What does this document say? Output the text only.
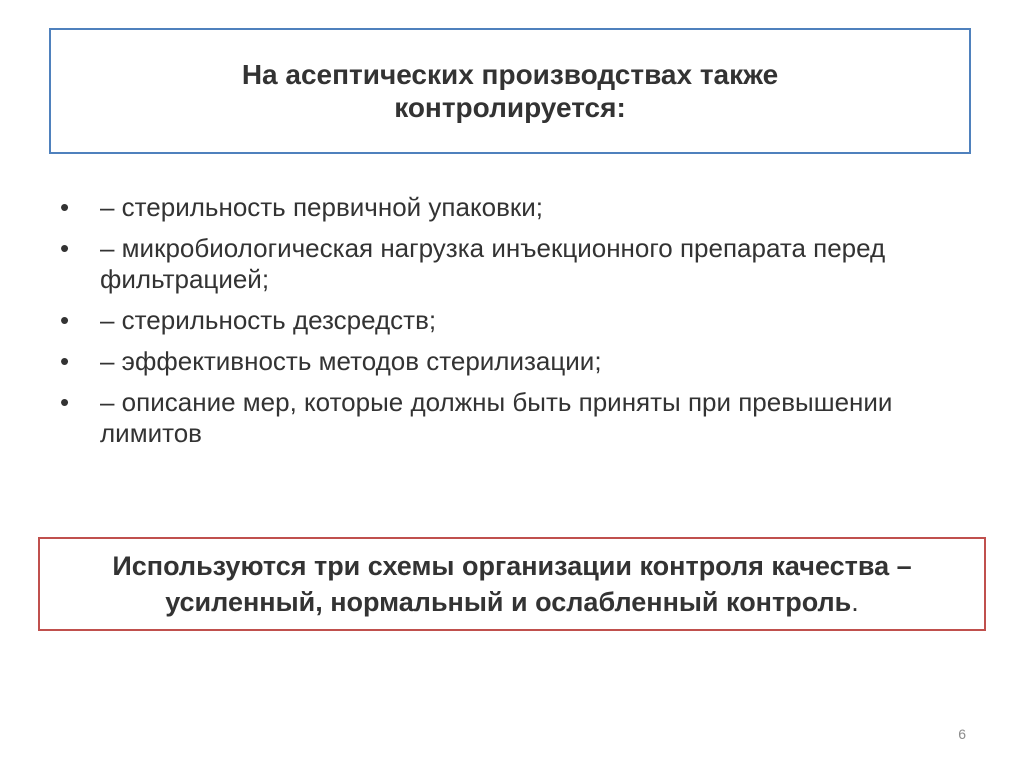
На асептических производствах также
контролируется:
•	– стерильность первичной упаковки;
•	– микробиологическая нагрузка инъекционного препарата перед фильтрацией;
•	– стерильность дезсредств;
•	– эффективность методов стерилизации;
•	– описание мер, которые должны быть приняты при превышении лимитов
Используются три схемы организации контроля качества –
усиленный, нормальный и ослабленный контроль.
6
